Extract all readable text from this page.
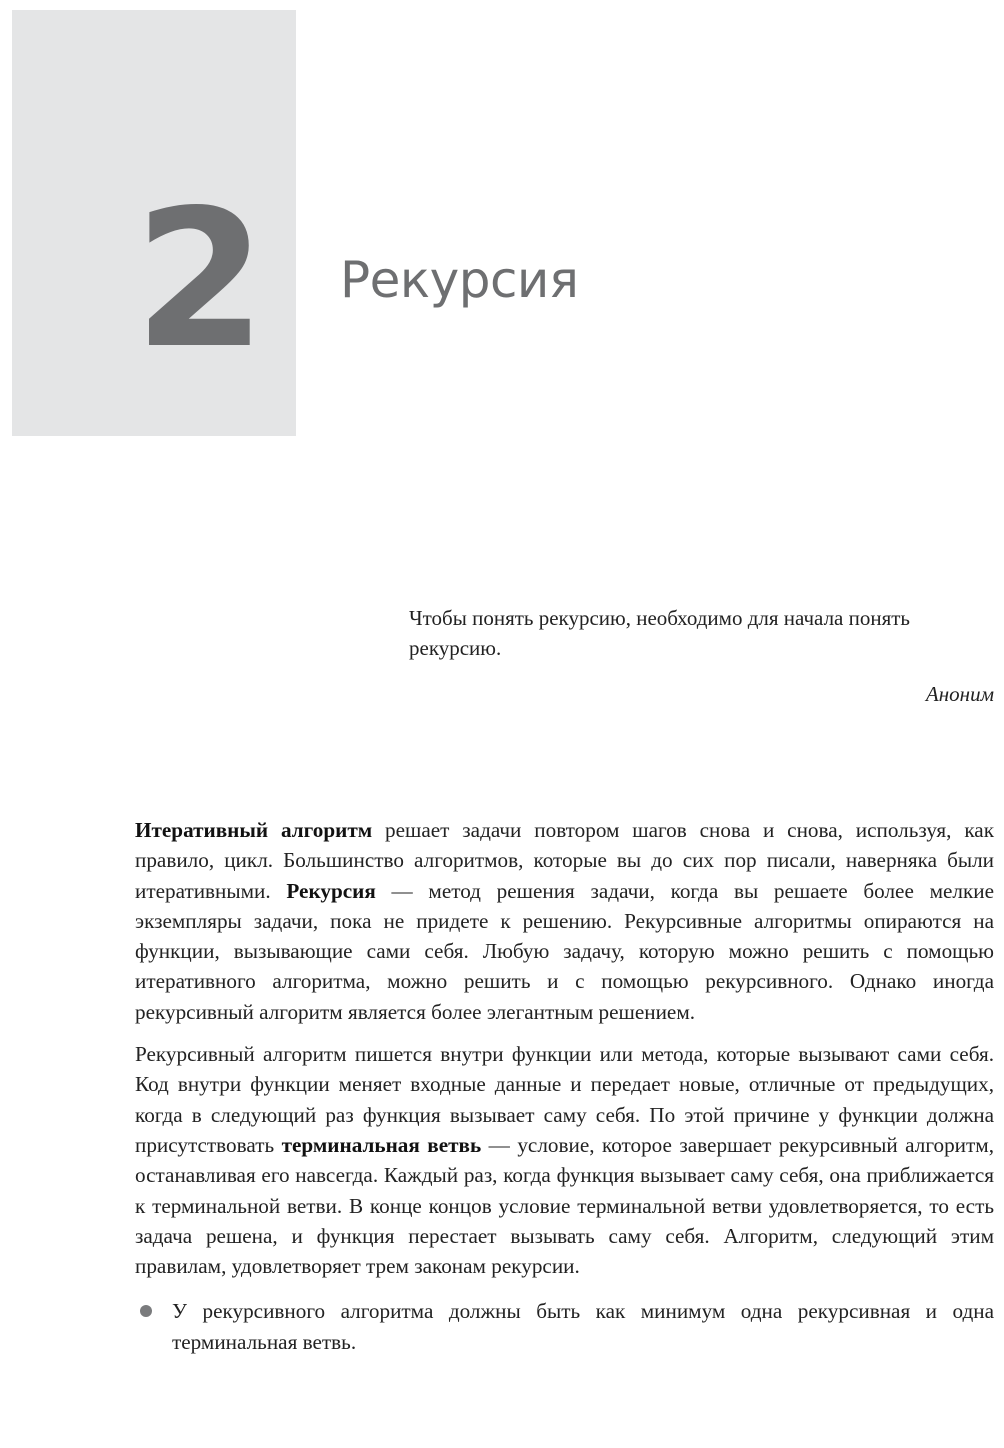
2 Рекурсия

Чтобы понять рекурсию, необходимо для начала понять рекурсию.

Аноним

Итеративный алгоритм решает задачи повтором шагов снова и снова, используя, как правило, цикл. Большинство алгоритмов, которые вы до сих пор писали, наверняка были итеративными. Рекурсия — метод решения задачи, когда вы решаете более мелкие экземпляры задачи, пока не придете к решению. Рекурсивные алгоритмы опираются на функции, вызывающие сами себя. Любую задачу, которую можно решить с помощью итеративного алгоритма, можно решить и с помощью рекурсивного. Однако иногда рекурсивный алгоритм является более элегантным решением.

Рекурсивный алгоритм пишется внутри функции или метода, которые вызывают сами себя. Код внутри функции меняет входные данные и передает новые, отличные от предыдущих, когда в следующий раз функция вызывает саму себя. По этой причине у функции должна присутствовать терминальная ветвь — условие, которое завершает рекурсивный алгоритм, останавливая его навсегда. Каждый раз, когда функция вызывает саму себя, она приближается к терминальной ветви. В конце концов условие терминальной ветви удовлетворяется, то есть задача решена, и функция перестает вызывать саму себя. Алгоритм, следующий этим правилам, удовлетворяет трем законам рекурсии.

У рекурсивного алгоритма должны быть как минимум одна рекурсивная и одна терминальная ветвь.
